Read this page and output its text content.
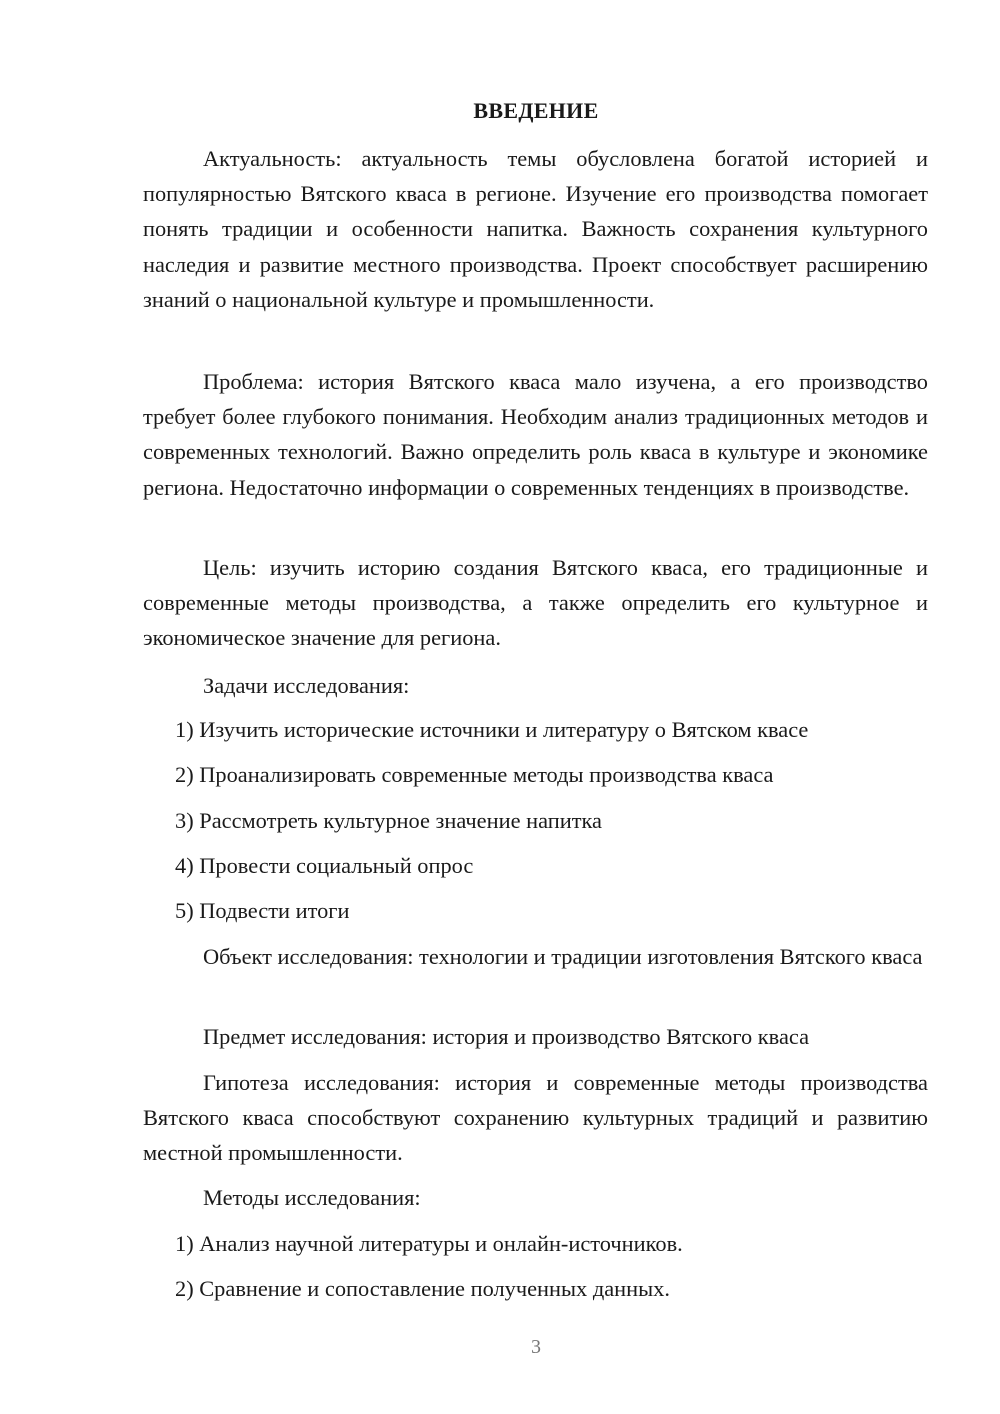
ВВЕДЕНИЕ

Актуальность: актуальность темы обусловлена богатой историей и популярностью Вятского кваса в регионе. Изучение его производства помогает понять традиции и особенности напитка. Важность сохранения культурного наследия и развитие местного производства. Проект способствует расширению знаний о национальной культуре и промышленности.

Проблема: история Вятского кваса мало изучена, а его производство требует более глубокого понимания. Необходим анализ традиционных методов и современных технологий. Важно определить роль кваса в культуре и экономике региона. Недостаточно информации о современных тенденциях в производстве.

Цель: изучить историю создания Вятского кваса, его традиционные и современные методы производства, а также определить его культурное и экономическое значение для региона.

Задачи исследования:

1) Изучить исторические источники и литературу о Вятском квасе

2) Проанализировать современные методы производства кваса

3) Рассмотреть культурное значение напитка

4) Провести социальный опрос

5) Подвести итоги

Объект исследования: технологии и традиции изготовления Вятского кваса

Предмет исследования: история и производство Вятского кваса

Гипотеза исследования: история и современные методы производства Вятского кваса способствуют сохранению культурных традиций и развитию местной промышленности.

Методы исследования:

1) Анализ научной литературы и онлайн-источников.

2) Сравнение и сопоставление полученных данных.

3
